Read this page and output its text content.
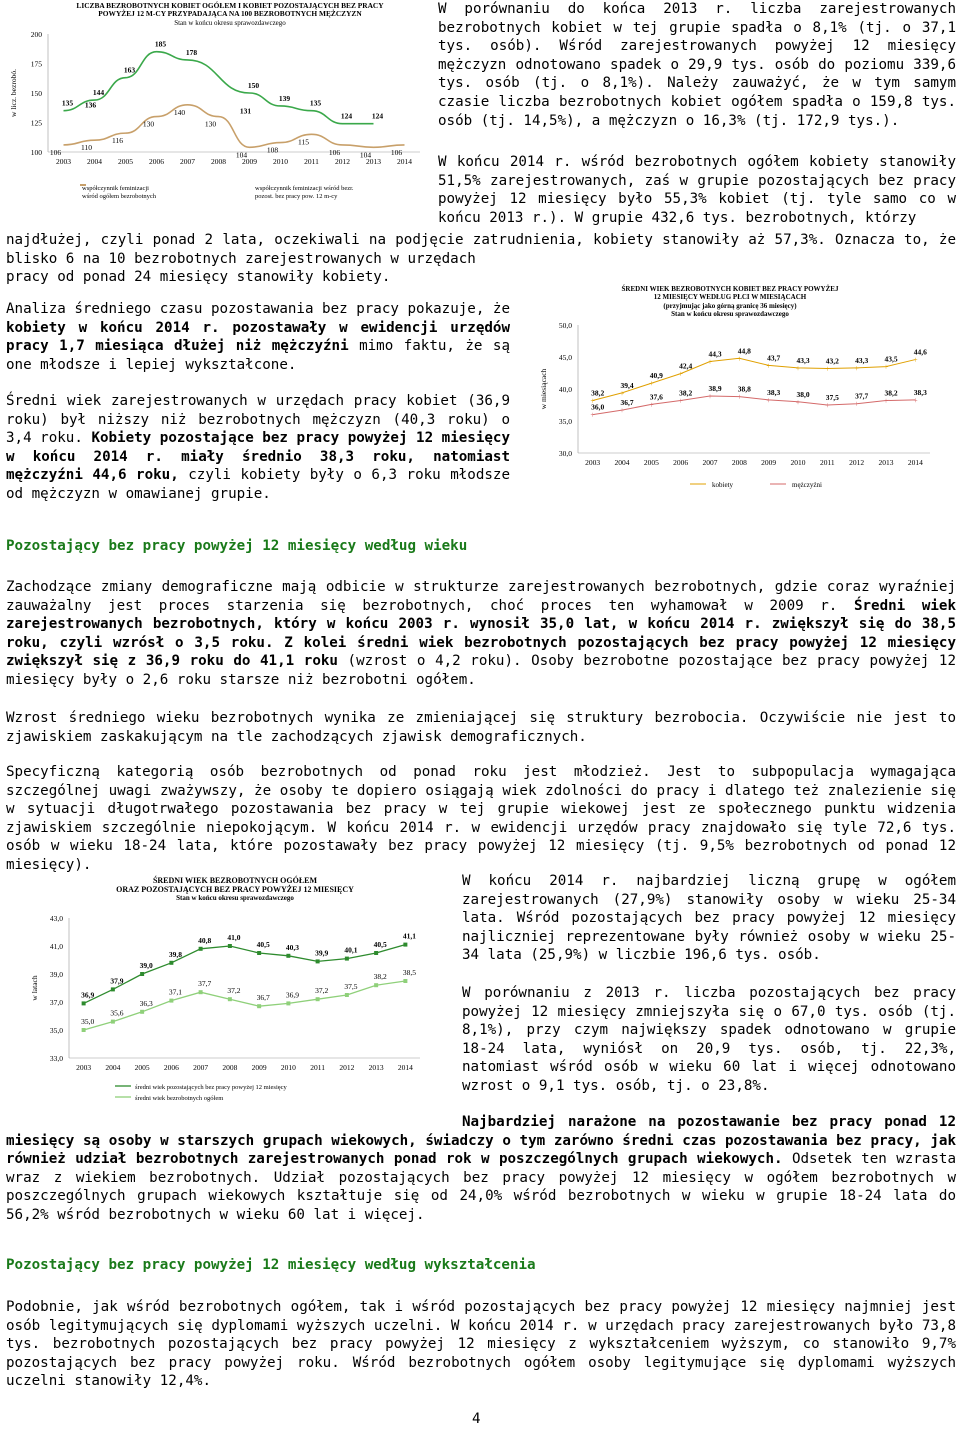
LICZBA BEZROBOTNYCH KOBIET OGÓŁEM I KOBIET POZOSTAJĄCYCH BEZ PRACY POWYŻEJ 12 M-CY PRZYPADAJĄCA NA 100 BEZROBOTNYCH MĘŻCZYZN
Stan w końcu okresu sprawozdawczego
100
125
150
175
200
2003 2004 2005 2006 2007 2008 2009 2010 2011 2012 2013 2014
w licz. bezrobó.
106
110
116
130
140
130
104
108
115
106	104	106
135
144
163
185
178
150
139
135
124	124
136
131
współczynnik feminizacji
wśród ogółem bezrobotnych
współczynnik feminizacji wśród bezr.
pozost. bez pracy pow. 12 m-cy
ŚREDNI WIEK BEZROBOTNYCH KOBIET BEZ PRACY POWYŻEJ 12 MIESIĘCY WEDŁUG PŁCI W MIESIĄCACH
(przyjmując jako górną granicę 36 miesięcy)
Stan w końcu okresu sprawozdawczego
30,0
35,0
40,0
45,0
50,0
2003 2004 2005 2006 2007 2008 2009 2010 2011 2012 2013 2014
w miesiącach	+
38,2 +
39,4 +
40,9 +
42,4 +
44,3
+
44,8
+
43,7
+
43,3
+
43,2
+
43,3
+
43,5 +
44,6
+
36,0 +
36,7 +
37,6 +
38,2 +
38,9
+
38,8
+
38,3
+
38,0
+
37,5
+
37,7
+
38,2
+
38,3
kobiety	mężczyźni
ŚREDNI WIEK BEZROBOTNYCH OGÓŁEM
ORAZ POZOSTAJĄCYCH BEZ PRACY POWYŻEJ 12 MIESIĘCY
Stan w końcu okresu sprawozdawczego
33,0
35,0
37,0
39,0
41,0
43,0
2003 2004 2005 2006 2007 2008 2009 2010 2011 2012 2013 2014
w latach	36,9
37,9
39,0
39,8
40,8 41,0
40,5 40,3
39,9 40,1
40,5
41,1
35,0
35,6
36,3
37,1
37,7
37,2
36,7 36,9 37,2 37,5
38,2 38,5
średni wiek pozostających bez pracy powyżej 12 miesięcy
średni wiek bezrobotnych ogółem

W porównaniu do końca 2013 r. liczba zarejestrowanych bezrobotnych kobiet w tej grupie spadła o 8,1% (tj. o 37,1 tys. osób). Wśród zarejestrowanych powyżej 12 miesięcy mężczyzn odnotowano spadek o 29,9 tys. osób do poziomu 339,6 tys. osób (tj. o 8,1%). Należy zauważyć, że w tym samym czasie liczba bezrobotnych kobiet ogółem spadła o 159,8 tys. osób (tj. 14,5%), a mężczyzn o 16,3% (tj. 172,9 tys.).

W końcu 2014 r. wśród bezrobotnych ogółem kobiety stanowiły 51,5% zarejestrowanych, zaś w grupie pozostających bez pracy powyżej 12 miesięcy było 55,3% kobiet (tj. tyle samo co w końcu 2013 r.). W grupie 432,6 tys. bezrobotnych, którzy

najdłużej, czyli ponad 2 lata, oczekiwali na podjęcie zatrudnienia, kobiety stanowiły aż 57,3%. Oznacza to, że blisko 6 na 10 bezrobotnych zarejestrowanych w urzędach

pracy od ponad 24 miesięcy stanowiły kobiety.

Analiza średniego czasu pozostawania bez pracy pokazuje, że kobiety w końcu 2014 r. pozostawały w ewidencji urzędów pracy 1,7 miesiąca dłużej niż mężczyźni mimo faktu, że są one młodsze i lepiej wykształcone.

Średni wiek zarejestrowanych w urzędach pracy kobiet (36,9 roku) był niższy niż bezrobotnych mężczyzn (40,3 roku) o 3,4 roku. Kobiety pozostające bez pracy powyżej 12 miesięcy w końcu 2014 r. miały średnio 38,3 roku, natomiast mężczyźni 44,6 roku, czyli kobiety były o 6,3 roku młodsze od mężczyzn w omawianej grupie.

Pozostający bez pracy powyżej 12 miesięcy według wieku

Zachodzące zmiany demograficzne mają odbicie w strukturze zarejestrowanych bezrobotnych, gdzie coraz wyraźniej zauważalny jest proces starzenia się bezrobotnych, choć proces ten wyhamował w 2009 r. Średni wiek zarejestrowanych bezrobotnych, który w końcu 2003 r. wynosił 35,0 lat, w końcu 2014 r. zwiększył się do 38,5 roku, czyli wzrósł o 3,5 roku. Z kolei średni wiek bezrobotnych pozostających bez pracy powyżej 12 miesięcy zwiększył się z 36,9 roku do 41,1 roku (wzrost o 4,2 roku). Osoby bezrobotne pozostające bez pracy powyżej 12 miesięcy były o 2,6 roku starsze niż bezrobotni ogółem.

Wzrost średniego wieku bezrobotnych wynika ze zmieniającej się struktury bezrobocia. Oczywiście nie jest to zjawiskiem zaskakującym na tle zachodzących zjawisk demograficznych.

Specyficzną kategorią osób bezrobotnych od ponad roku jest młodzież. Jest to subpopulacja wymagająca szczególnej uwagi zważywszy, że osoby te dopiero osiągają wiek zdolności do pracy i dlatego też znalezienie się w sytuacji długotrwałego pozostawania bez pracy w tej grupie wiekowej jest ze społecznego punktu widzenia zjawiskiem szczególnie niepokojącym. W końcu 2014 r. w ewidencji urzędów pracy znajdowało się tyle 72,6 tys. osób w wieku 18-24 lata, które pozostawały bez pracy powyżej 12 miesięcy (tj. 9,5% bezrobotnych od ponad 12 miesięcy).

W końcu 2014 r. najbardziej liczną grupę w ogółem zarejestrowanych (27,9%) stanowiły osoby w wieku 25-34 lata. Wśród pozostających bez pracy powyżej 12 miesięcy najliczniej reprezentowane były również osoby w wieku 25-34 lata (25,9%) w liczbie 196,6 tys. osób.

W porównaniu z 2013 r. liczba pozostających bez pracy powyżej 12 miesięcy zmniejszyła się o 67,0 tys. osób (tj. 8,1%), przy czym największy spadek odnotowano w grupie 18-24 lata, wyniósł on 20,9 tys. osób, tj. 22,3%, natomiast wśród osób w wieku 60 lat i więcej odnotowano wzrost o 9,1 tys. osób, tj. o 23,8%.

Najbardziej narażone na pozostawanie bez pracy ponad 12 miesięcy są osoby w starszych grupach wiekowych, świadczy o tym zarówno średni czas pozostawania bez pracy, jak również udział bezrobotnych zarejestrowanych ponad rok w poszczególnych grupach wiekowych. Odsetek ten wzrasta wraz z wiekiem bezrobotnych. Udział pozostających bez pracy powyżej 12 miesięcy w ogółem bezrobotnych w poszczególnych grupach wiekowych kształtuje się od 24,0% wśród bezrobotnych w wieku w grupie 18-24 lata do 56,2% wśród bezrobotnych w wieku 60 lat i więcej.

Pozostający bez pracy powyżej 12 miesięcy według wykształcenia

Podobnie, jak wśród bezrobotnych ogółem, tak i wśród pozostających bez pracy powyżej 12 miesięcy najmniej jest osób legitymujących się dyplomami wyższych uczelni. W końcu 2014 r. w urzędach pracy zarejestrowanych było 73,8 tys. bezrobotnych pozostających bez pracy powyżej 12 miesięcy z wykształceniem wyższym, co stanowiło 9,7% pozostających bez pracy powyżej roku. Wśród bezrobotnych ogółem osoby legitymujące się dyplomami wyższych uczelni stanowiły 12,4%.

4
